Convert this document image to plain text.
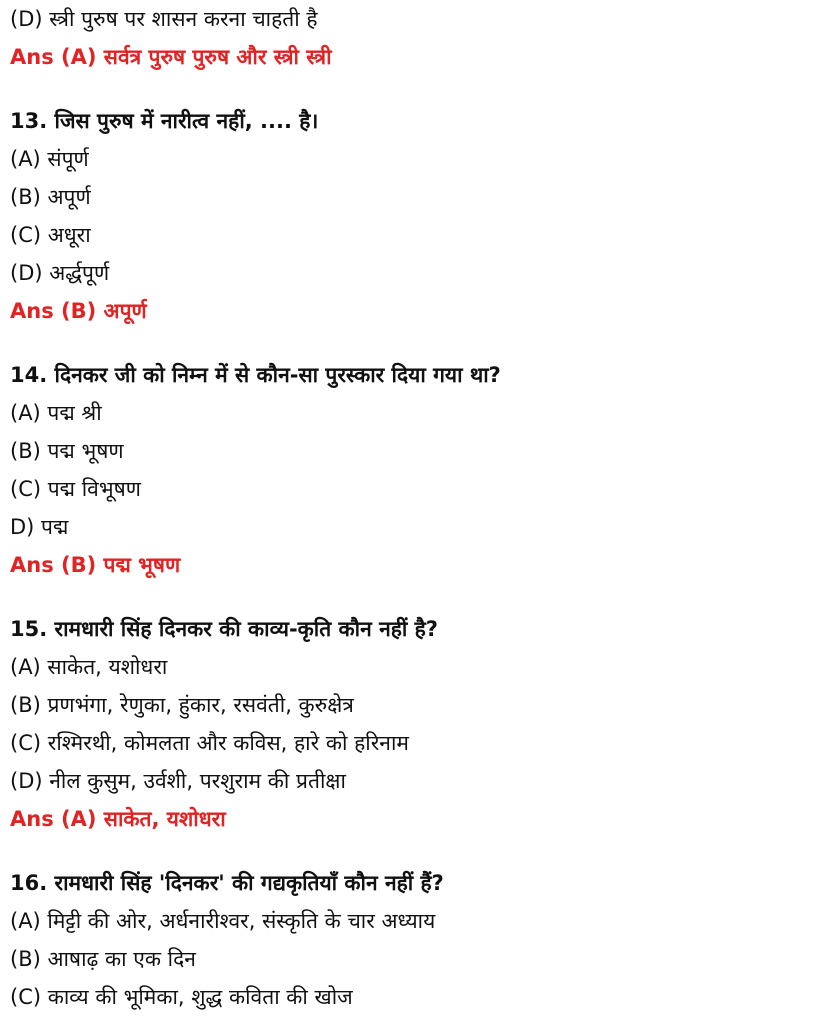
(D) स्त्री पुरुष पर शासन करना चाहती है
Ans (A) सर्वत्र पुरुष पुरुष और स्त्री स्त्री
13. जिस पुरुष में नारीत्व नहीं, .... है।
(A) संपूर्ण
(B) अपूर्ण
(C) अधूरा
(D) अर्द्धपूर्ण
Ans (B) अपूर्ण
14. दिनकर जी को निम्न में से कौन-सा पुरस्कार दिया गया था?
(A) पद्म श्री
(B) पद्म भूषण
(C) पद्म विभूषण
D) पद्म
Ans (B) पद्म भूषण
15. रामधारी सिंह दिनकर की काव्य-कृति कौन नहीं है?
(A) साकेत, यशोधरा
(B) प्रणभंगा, रेणुका, हुंकार, रसवंती, कुरुक्षेत्र
(C) रश्मिरथी, कोमलता और कविस, हारे को हरिनाम
(D) नील कुसुम, उर्वशी, परशुराम की प्रतीक्षा
Ans (A) साकेत, यशोधरा
16. रामधारी सिंह 'दिनकर' की गद्यकृतियाँ कौन नहीं हैं?
(A) मिट्टी की ओर, अर्धनारीश्वर, संस्कृति के चार अध्याय
(B) आषाढ़ का एक दिन
(C) काव्य की भूमिका, शुद्ध कविता की खोज
